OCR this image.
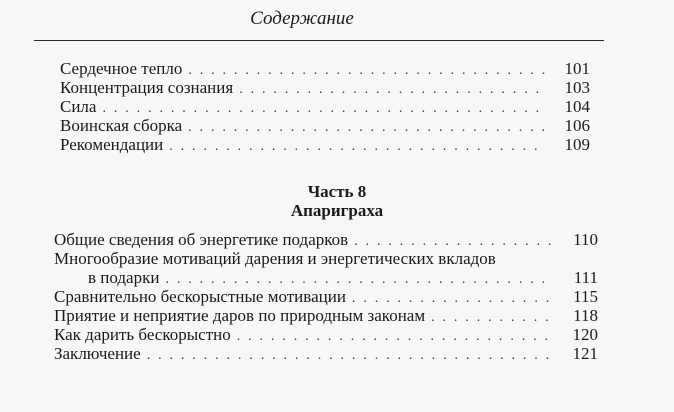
Содержание
Сердечное тепло . . .	101
Концентрация сознания . . .	103
Сила . . .	104
Воинская сборка . . .	106
Рекомендации . . .	109
Часть 8
Апариграха
Общие сведения об энергетике подарков . . .	110
Многообразие мотиваций дарения и энергетических вкладов
в подарки . . .	111
Сравнительно бескорыстные мотивации . . .	115
Приятие и неприятие даров по природным законам . . .	118
Как дарить бескорыстно . . .	120
Заключение . . .	121
